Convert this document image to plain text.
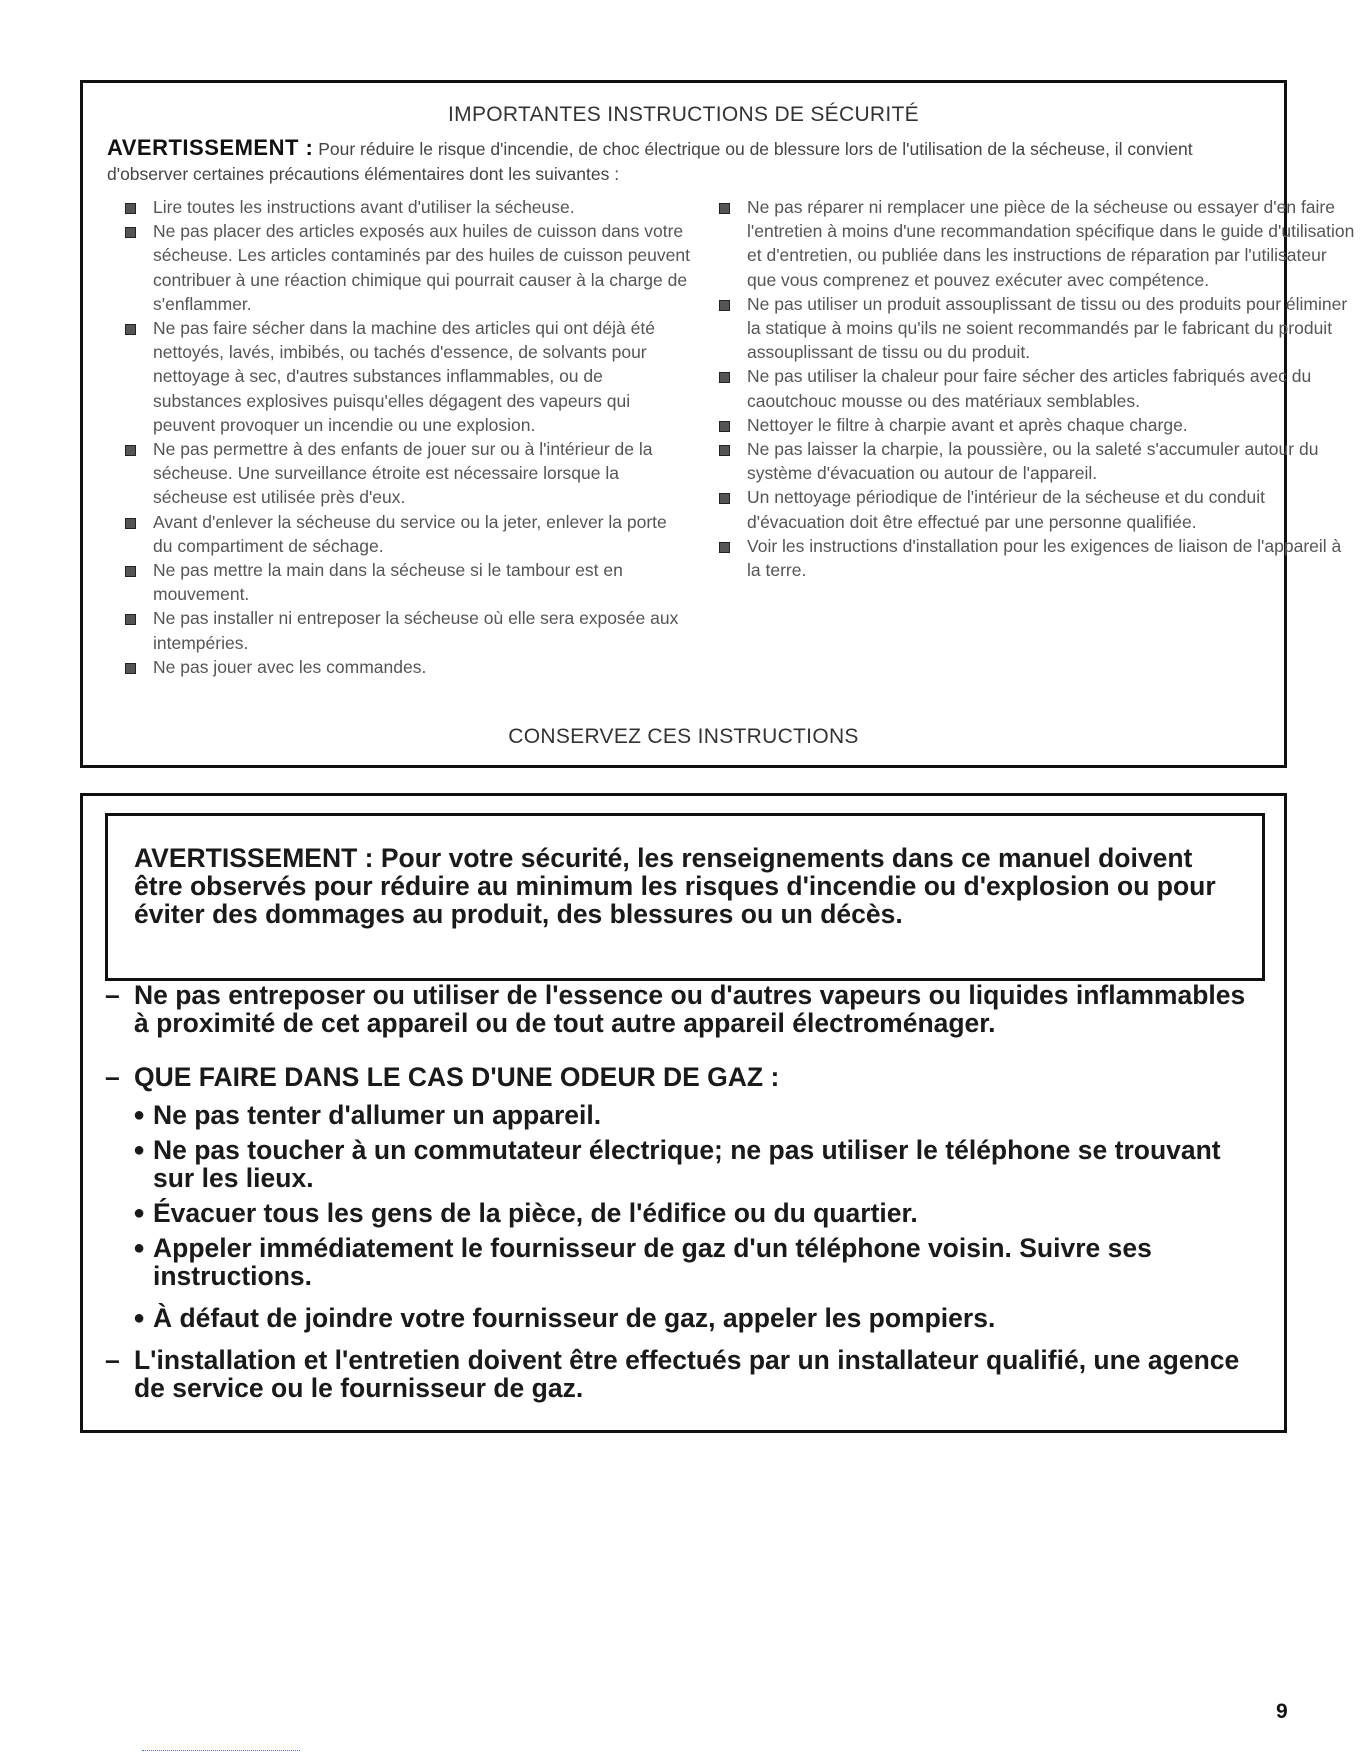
IMPORTANTES INSTRUCTIONS DE SÉCURITÉ
AVERTISSEMENT : Pour réduire le risque d'incendie, de choc électrique ou de blessure lors de l'utilisation de la sécheuse, il convient d'observer certaines précautions élémentaires dont les suivantes :
Lire toutes les instructions avant d'utiliser la sécheuse.
Ne pas placer des articles exposés aux huiles de cuisson dans votre sécheuse. Les articles contaminés par des huiles de cuisson peuvent contribuer à une réaction chimique qui pourrait causer à la charge de s'enflammer.
Ne pas faire sécher dans la machine des articles qui ont déjà été nettoyés, lavés, imbibés, ou tachés d'essence, de solvants pour nettoyage à sec, d'autres substances inflammables, ou de substances explosives puisqu'elles dégagent des vapeurs qui peuvent provoquer un incendie ou une explosion.
Ne pas permettre à des enfants de jouer sur ou à l'intérieur de la sécheuse. Une surveillance étroite est nécessaire lorsque la sécheuse est utilisée près d'eux.
Avant d'enlever la sécheuse du service ou la jeter, enlever la porte du compartiment de séchage.
Ne pas mettre la main dans la sécheuse si le tambour est en mouvement.
Ne pas installer ni entreposer la sécheuse où elle sera exposée aux intempéries.
Ne pas jouer avec les commandes.
Ne pas réparer ni remplacer une pièce de la sécheuse ou essayer d'en faire l'entretien à moins d'une recommandation spécifique dans le guide d'utilisation et d'entretien, ou publiée dans les instructions de réparation par l'utilisateur que vous comprenez et pouvez exécuter avec compétence.
Ne pas utiliser un produit assouplissant de tissu ou des produits pour éliminer la statique à moins qu'ils ne soient recommandés par le fabricant du produit assouplissant de tissu ou du produit.
Ne pas utiliser la chaleur pour faire sécher des articles fabriqués avec du caoutchouc mousse ou des matériaux semblables.
Nettoyer le filtre à charpie avant et après chaque charge.
Ne pas laisser la charpie, la poussière, ou la saleté s'accumuler autour du système d'évacuation ou autour de l'appareil.
Un nettoyage périodique de l'intérieur de la sécheuse et du conduit d'évacuation doit être effectué par une personne qualifiée.
Voir les instructions d'installation pour les exigences de liaison de l'appareil à la terre.
CONSERVEZ CES INSTRUCTIONS

AVERTISSEMENT : Pour votre sécurité, les renseignements dans ce manuel doivent être observés pour réduire au minimum les risques d'incendie ou d'explosion ou pour éviter des dommages au produit, des blessures ou un décès.

– Ne pas entreposer ou utiliser de l'essence ou d'autres vapeurs ou liquides inflammables à proximité de cet appareil ou de tout autre appareil électroménager.
– QUE FAIRE DANS LE CAS D'UNE ODEUR DE GAZ :
● Ne pas tenter d'allumer un appareil.
● Ne pas toucher à un commutateur électrique; ne pas utiliser le téléphone se trouvant sur les lieux.
● Évacuer tous les gens de la pièce, de l'édifice ou du quartier.
● Appeler immédiatement le fournisseur de gaz d'un téléphone voisin. Suivre ses instructions.
● À défaut de joindre votre fournisseur de gaz, appeler les pompiers.
– L'installation et l'entretien doivent être effectués par un installateur qualifié, une agence de service ou le fournisseur de gaz.
9
